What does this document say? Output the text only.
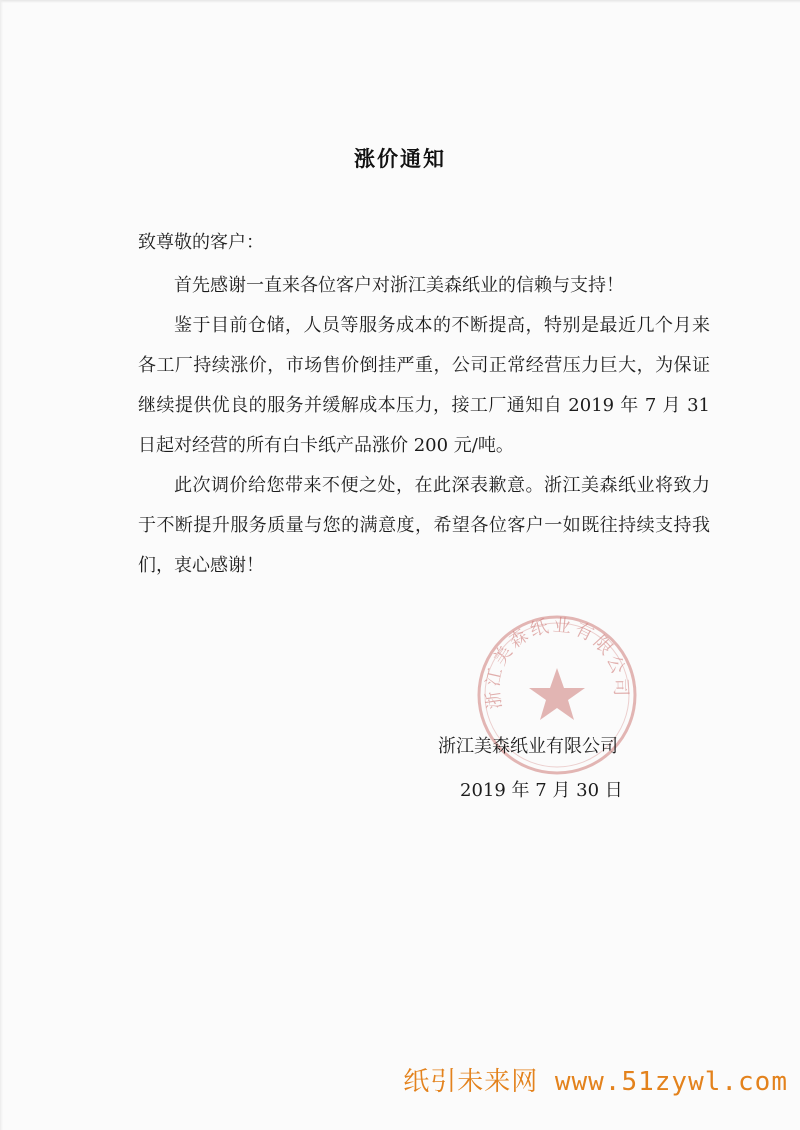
涨价通知
致尊敬的客户：

首先感谢一直来各位客户对浙江美森纸业的信赖与支持！

鉴于目前仓储，人员等服务成本的不断提高，特别是最近几个月来各工厂持续涨价，市场售价倒挂严重，公司正常经营压力巨大，为保证继续提供优良的服务并缓解成本压力，接工厂通知自 2019 年 7 月 31 日起对经营的所有白卡纸产品涨价 200 元/吨。

此次调价给您带来不便之处，在此深表歉意。浙江美森纸业将致力于不断提升服务质量与您的满意度，希望各位客户一如既往持续支持我们，衷心感谢！

浙江美森纸业有限公司
浙江美森纸业有限公司
2019 年 7 月 30 日
纸引未来网 www.51zywl.com
